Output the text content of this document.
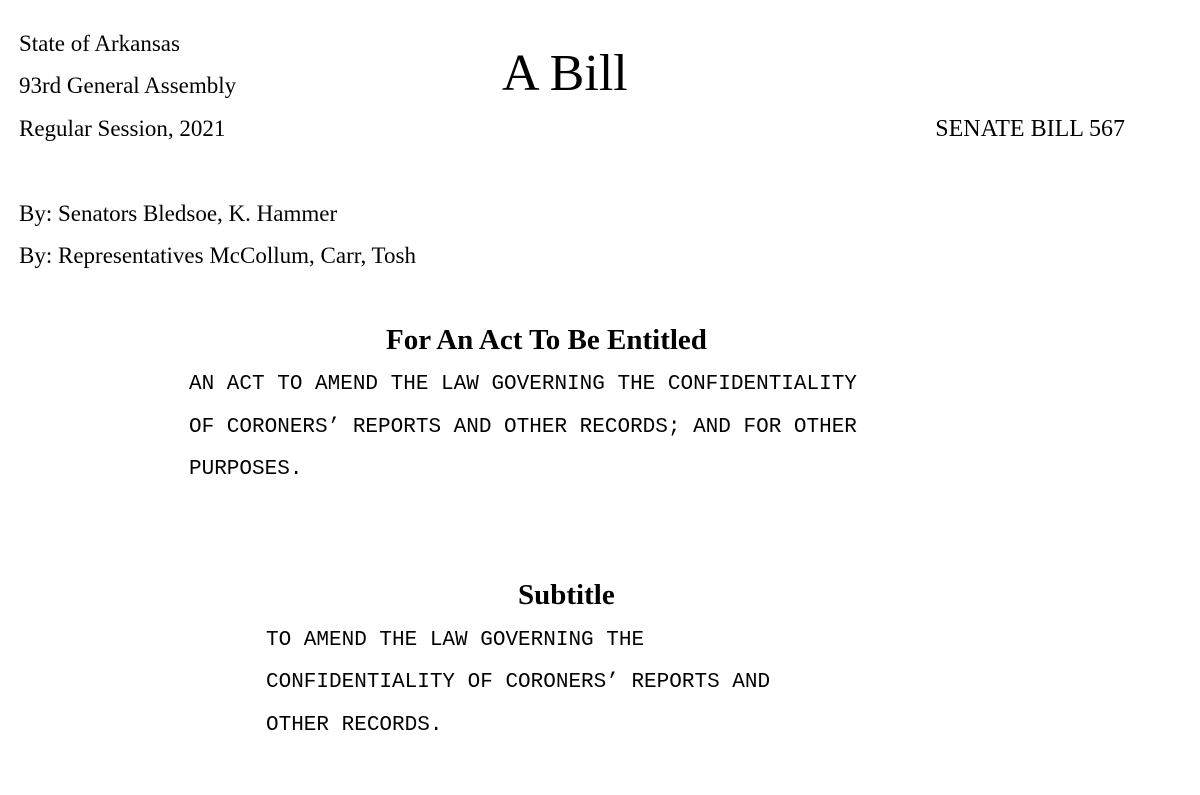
State of Arkansas
93rd General Assembly
Regular Session, 2021
A Bill
SENATE BILL 567
By: Senators Bledsoe, K. Hammer
By: Representatives McCollum, Carr, Tosh
For An Act To Be Entitled
AN ACT TO AMEND THE LAW GOVERNING THE CONFIDENTIALITY
OF CORONERS’ REPORTS AND OTHER RECORDS; AND FOR OTHER
PURPOSES.
Subtitle
TO AMEND THE LAW GOVERNING THE
CONFIDENTIALITY OF CORONERS’ REPORTS AND
OTHER RECORDS.
